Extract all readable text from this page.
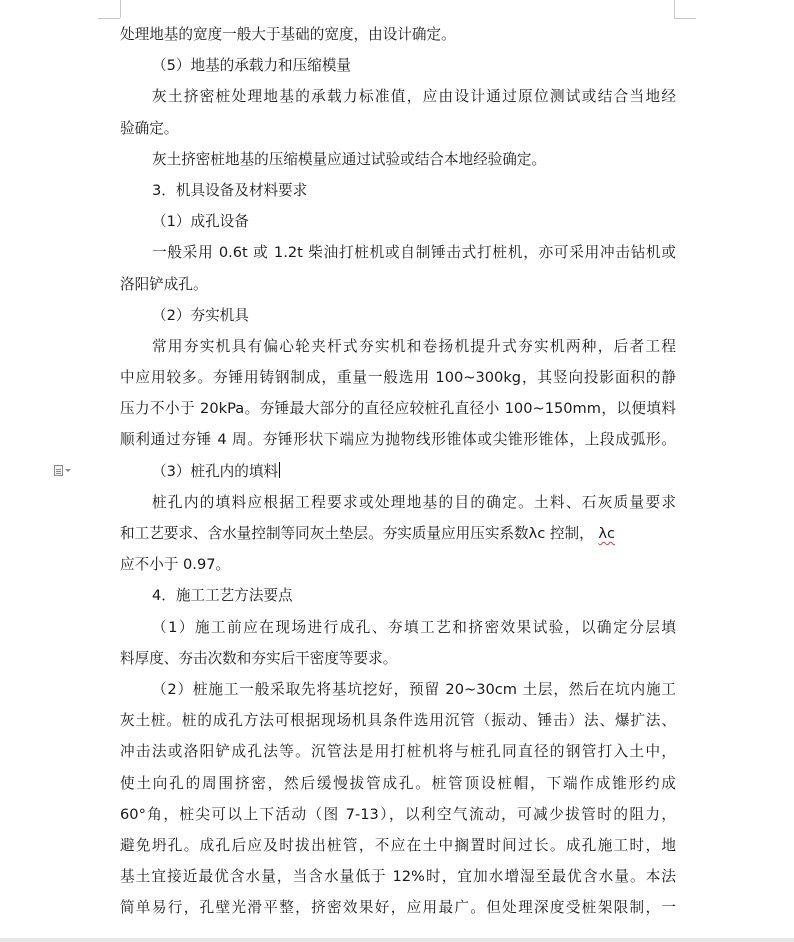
处理地基的宽度一般大于基础的宽度，由设计确定。
（5）地基的承载力和压缩模量
灰土挤密桩处理地基的承载力标准值，应由设计通过原位测试或结合当地经
验确定。
灰土挤密桩地基的压缩模量应通过试验或结合本地经验确定。
3．机具设备及材料要求
（1）成孔设备
一般采用 0.6t 或 1.2t 柴油打桩机或自制锤击式打桩机，亦可采用冲击钻机或
洛阳铲成孔。
（2）夯实机具
常用夯实机具有偏心轮夹杆式夯实机和卷扬机提升式夯实机两种，后者工程
中应用较多。夯锤用铸钢制成，重量一般选用 100~300kg，其竖向投影面积的静
压力不小于 20kPa。夯锤最大部分的直径应较桩孔直径小 100~150mm，以便填料
顺利通过夯锤 4 周。夯锤形状下端应为抛物线形锥体或尖锥形锥体，上段成弧形。
（3）桩孔内的填料
桩孔内的填料应根据工程要求或处理地基的目的确定。土料、石灰质量要求
和工艺要求、含水量控制等同灰土垫层。夯实质量应用压实系数λc 控制， λc
应不小于 0.97。
4．施工工艺方法要点
（1）施工前应在现场进行成孔、夯填工艺和挤密效果试验，以确定分层填
料厚度、夯击次数和夯实后干密度等要求。
（2）桩施工一般采取先将基坑挖好，预留 20~30cm 土层，然后在坑内施工
灰土桩。桩的成孔方法可根据现场机具条件选用沉管（振动、锤击）法、爆扩法、
冲击法或洛阳铲成孔法等。沉管法是用打桩机将与桩孔同直径的钢管打入土中，
使土向孔的周围挤密，然后缓慢拔管成孔。桩管顶设桩帽，下端作成锥形约成
60°角，桩尖可以上下活动（图 7-13），以利空气流动，可减少拔管时的阻力，
避免坍孔。成孔后应及时拔出桩管，不应在土中搁置时间过长。成孔施工时，地
基土宜接近最优含水量，当含水量低于 12%时，宜加水增湿至最优含水量。本法
简单易行，孔壁光滑平整，挤密效果好，应用最广。但处理深度受桩架限制，一
